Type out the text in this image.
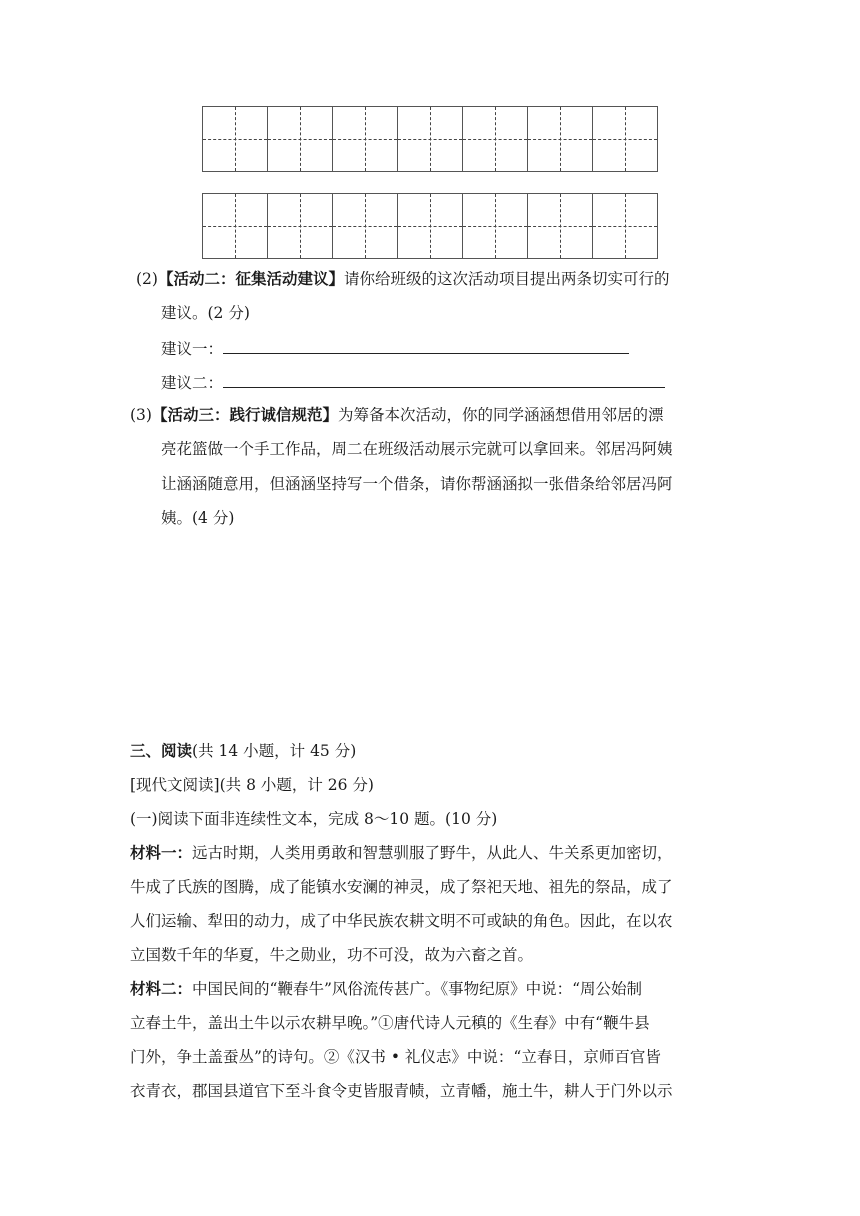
(2)【活动二：征集活动建议】请你给班级的这次活动项目提出两条切实可行的
建议。(2 分)
建议一：
建议二：
(3)【活动三：践行诚信规范】为筹备本次活动，你的同学涵涵想借用邻居的漂
亮花篮做一个手工作品，周二在班级活动展示完就可以拿回来。邻居冯阿姨
让涵涵随意用，但涵涵坚持写一个借条，请你帮涵涵拟一张借条给邻居冯阿
姨。(4 分)
三、阅读(共 14 小题，计 45 分)
[现代文阅读](共 8 小题，计 26 分)
(一)阅读下面非连续性文本，完成 8～10 题。(10 分)
材料一：远古时期，人类用勇敢和智慧驯服了野牛，从此人、牛关系更加密切，
牛成了氏族的图腾，成了能镇水安澜的神灵，成了祭祀天地、祖先的祭品，成了
人们运输、犁田的动力，成了中华民族农耕文明不可或缺的角色。因此，在以农
立国数千年的华夏，牛之勋业，功不可没，故为六畜之首。
材料二：中国民间的“鞭春牛”风俗流传甚广。《事物纪原》中说：“周公始制
立春土牛，盖出土牛以示农耕早晚。”①唐代诗人元稹的《生春》中有“鞭牛县
门外，争土盖蚕丛”的诗句。②《汉书 • 礼仪志》中说：“立春日，京师百官皆
衣青衣，郡国县道官下至斗食令吏皆服青帻，立青幡，施土牛，耕人于门外以示
